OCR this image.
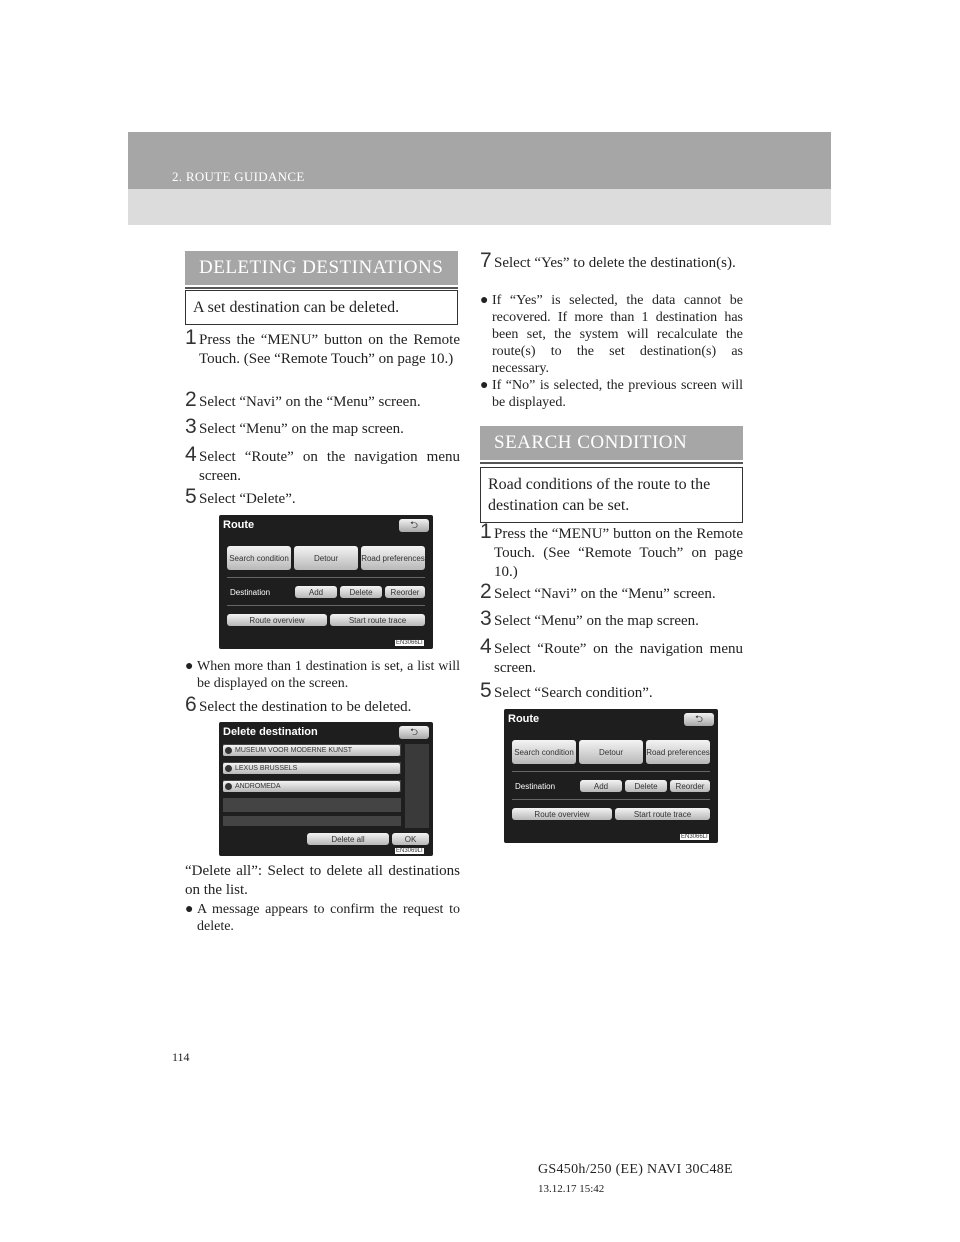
2. ROUTE GUIDANCE
DELETING DESTINATIONS
A set destination can be deleted.
1 Press the “MENU” button on the Remote Touch. (See “Remote Touch” on page 10.)
2 Select “Navi” on the “Menu” screen.
3 Select “Menu” on the map screen.
4 Select “Route” on the navigation menu screen.
5 Select “Delete”.
Route	⮌
Search condition	Detour	Road preferences
Destination	Add	Delete	Reorder
Route overview	Start route trace
EN3066LI
● When more than 1 destination is set, a list will be displayed on the screen.
6 Select the destination to be deleted.
Delete destination	⮌
MUSEUM VOOR MODERNE KUNST
LEXUS BRUSSELS
ANDROMEDA
Delete all	OK
EN3069LI
“Delete all”: Select to delete all destinations on the list.
● A message appears to confirm the request to delete.
7 Select “Yes” to delete the destination(s).
● If “Yes” is selected, the data cannot be recovered. If more than 1 destination has been set, the system will recalculate the route(s) to the set destination(s) as necessary.
● If “No” is selected, the previous screen will be displayed.
SEARCH CONDITION
Road conditions of the route to the destination can be set.
1 Press the “MENU” button on the Remote Touch. (See “Remote Touch” on page 10.)
2 Select “Navi” on the “Menu” screen.
3 Select “Menu” on the map screen.
4 Select “Route” on the navigation menu screen.
5 Select “Search condition”.
Route	⮌
Search condition	Detour	Road preferences
Destination	Add	Delete	Reorder
Route overview	Start route trace
EN3066LI
114
GS450h/250 (EE) NAVI 30C48E
13.12.17 15:42
